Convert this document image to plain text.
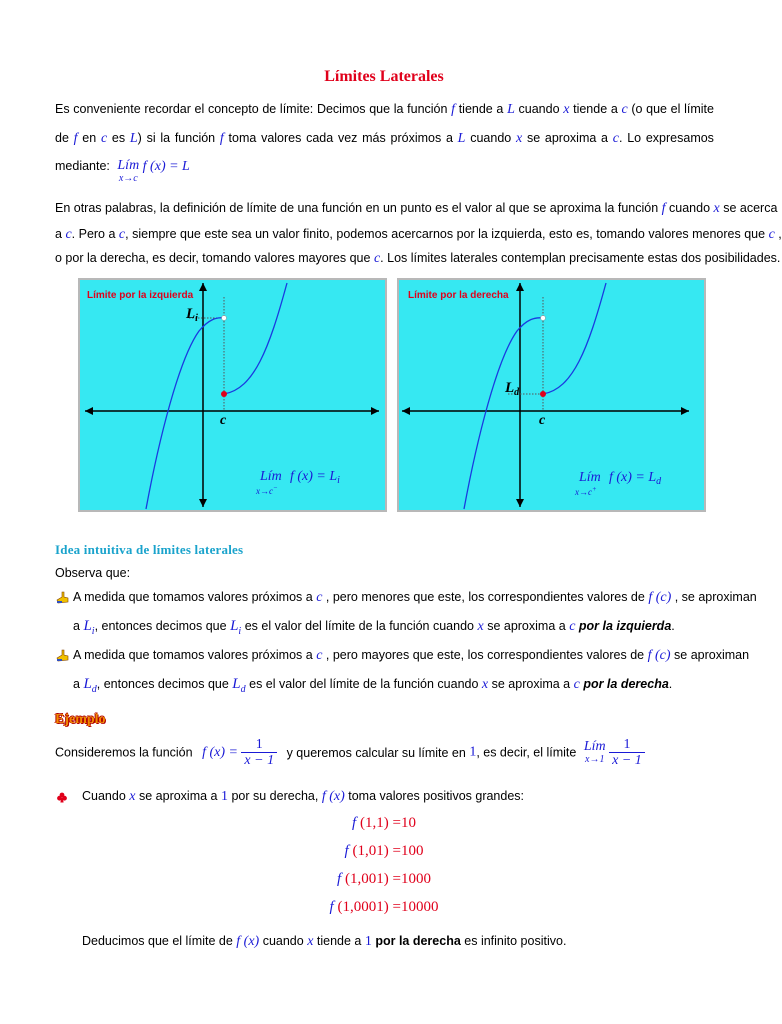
Límites Laterales
Es conveniente recordar el concepto de límite: Decimos que la función f tiende a L cuando x tiende a c (o que el límite
de f en c es L) si la función f toma valores cada vez más próximos a L cuando x se aproxima a c. Lo expresamos
mediante: Lím
x→c
f (x) = L
En otras palabras, la definición de límite de una función en un punto es el valor al que se aproxima la función f cuando x se acerca
a c. Pero a c, siempre que este sea un valor finito, podemos acercarnos por la izquierda, esto es, tomando valores menores que c ,
o por la derecha, es decir, tomando valores mayores que c. Los límites laterales contemplan precisamente estas dos posibilidades.
Límite por la izquierda
$L_i$
c
Lím f $(x) = L_i$
x→c−
Límite por la derecha
$L_d$
c
Lím f $(x) = L_d$
x→c+
Idea intuitiva de límites laterales
Observa que:
A medida que tomamos valores próximos a c , pero menores que este, los correspondientes valores de f (c) , se aproximan
a $L_i$, entonces decimos que $L_i$ es el valor del límite de la función cuando x se aproxima a c por la izquierda.
A medida que tomamos valores próximos a c , pero mayores que este, los correspondientes valores de f (c) se aproximan
a $L_d$, entonces decimos que $L_d$ es el valor del límite de la función cuando x se aproxima a c por la derecha.
Ejemplo
Consideremos la función f $(x) = \frac{1}{x - 1}$ y queremos calcular su límite en 1, es decir, el límite Lím
x→1
$\frac{1}{x - 1}$
Cuando x se aproxima a 1 por su derecha, f (x) toma valores positivos grandes:
f (1,1) =10
f (1,01) =100
f (1,001) =1000
f (1,0001) =10000
Deducimos que el límite de f (x) cuando x tiende a 1 por la derecha es infinito positivo.
